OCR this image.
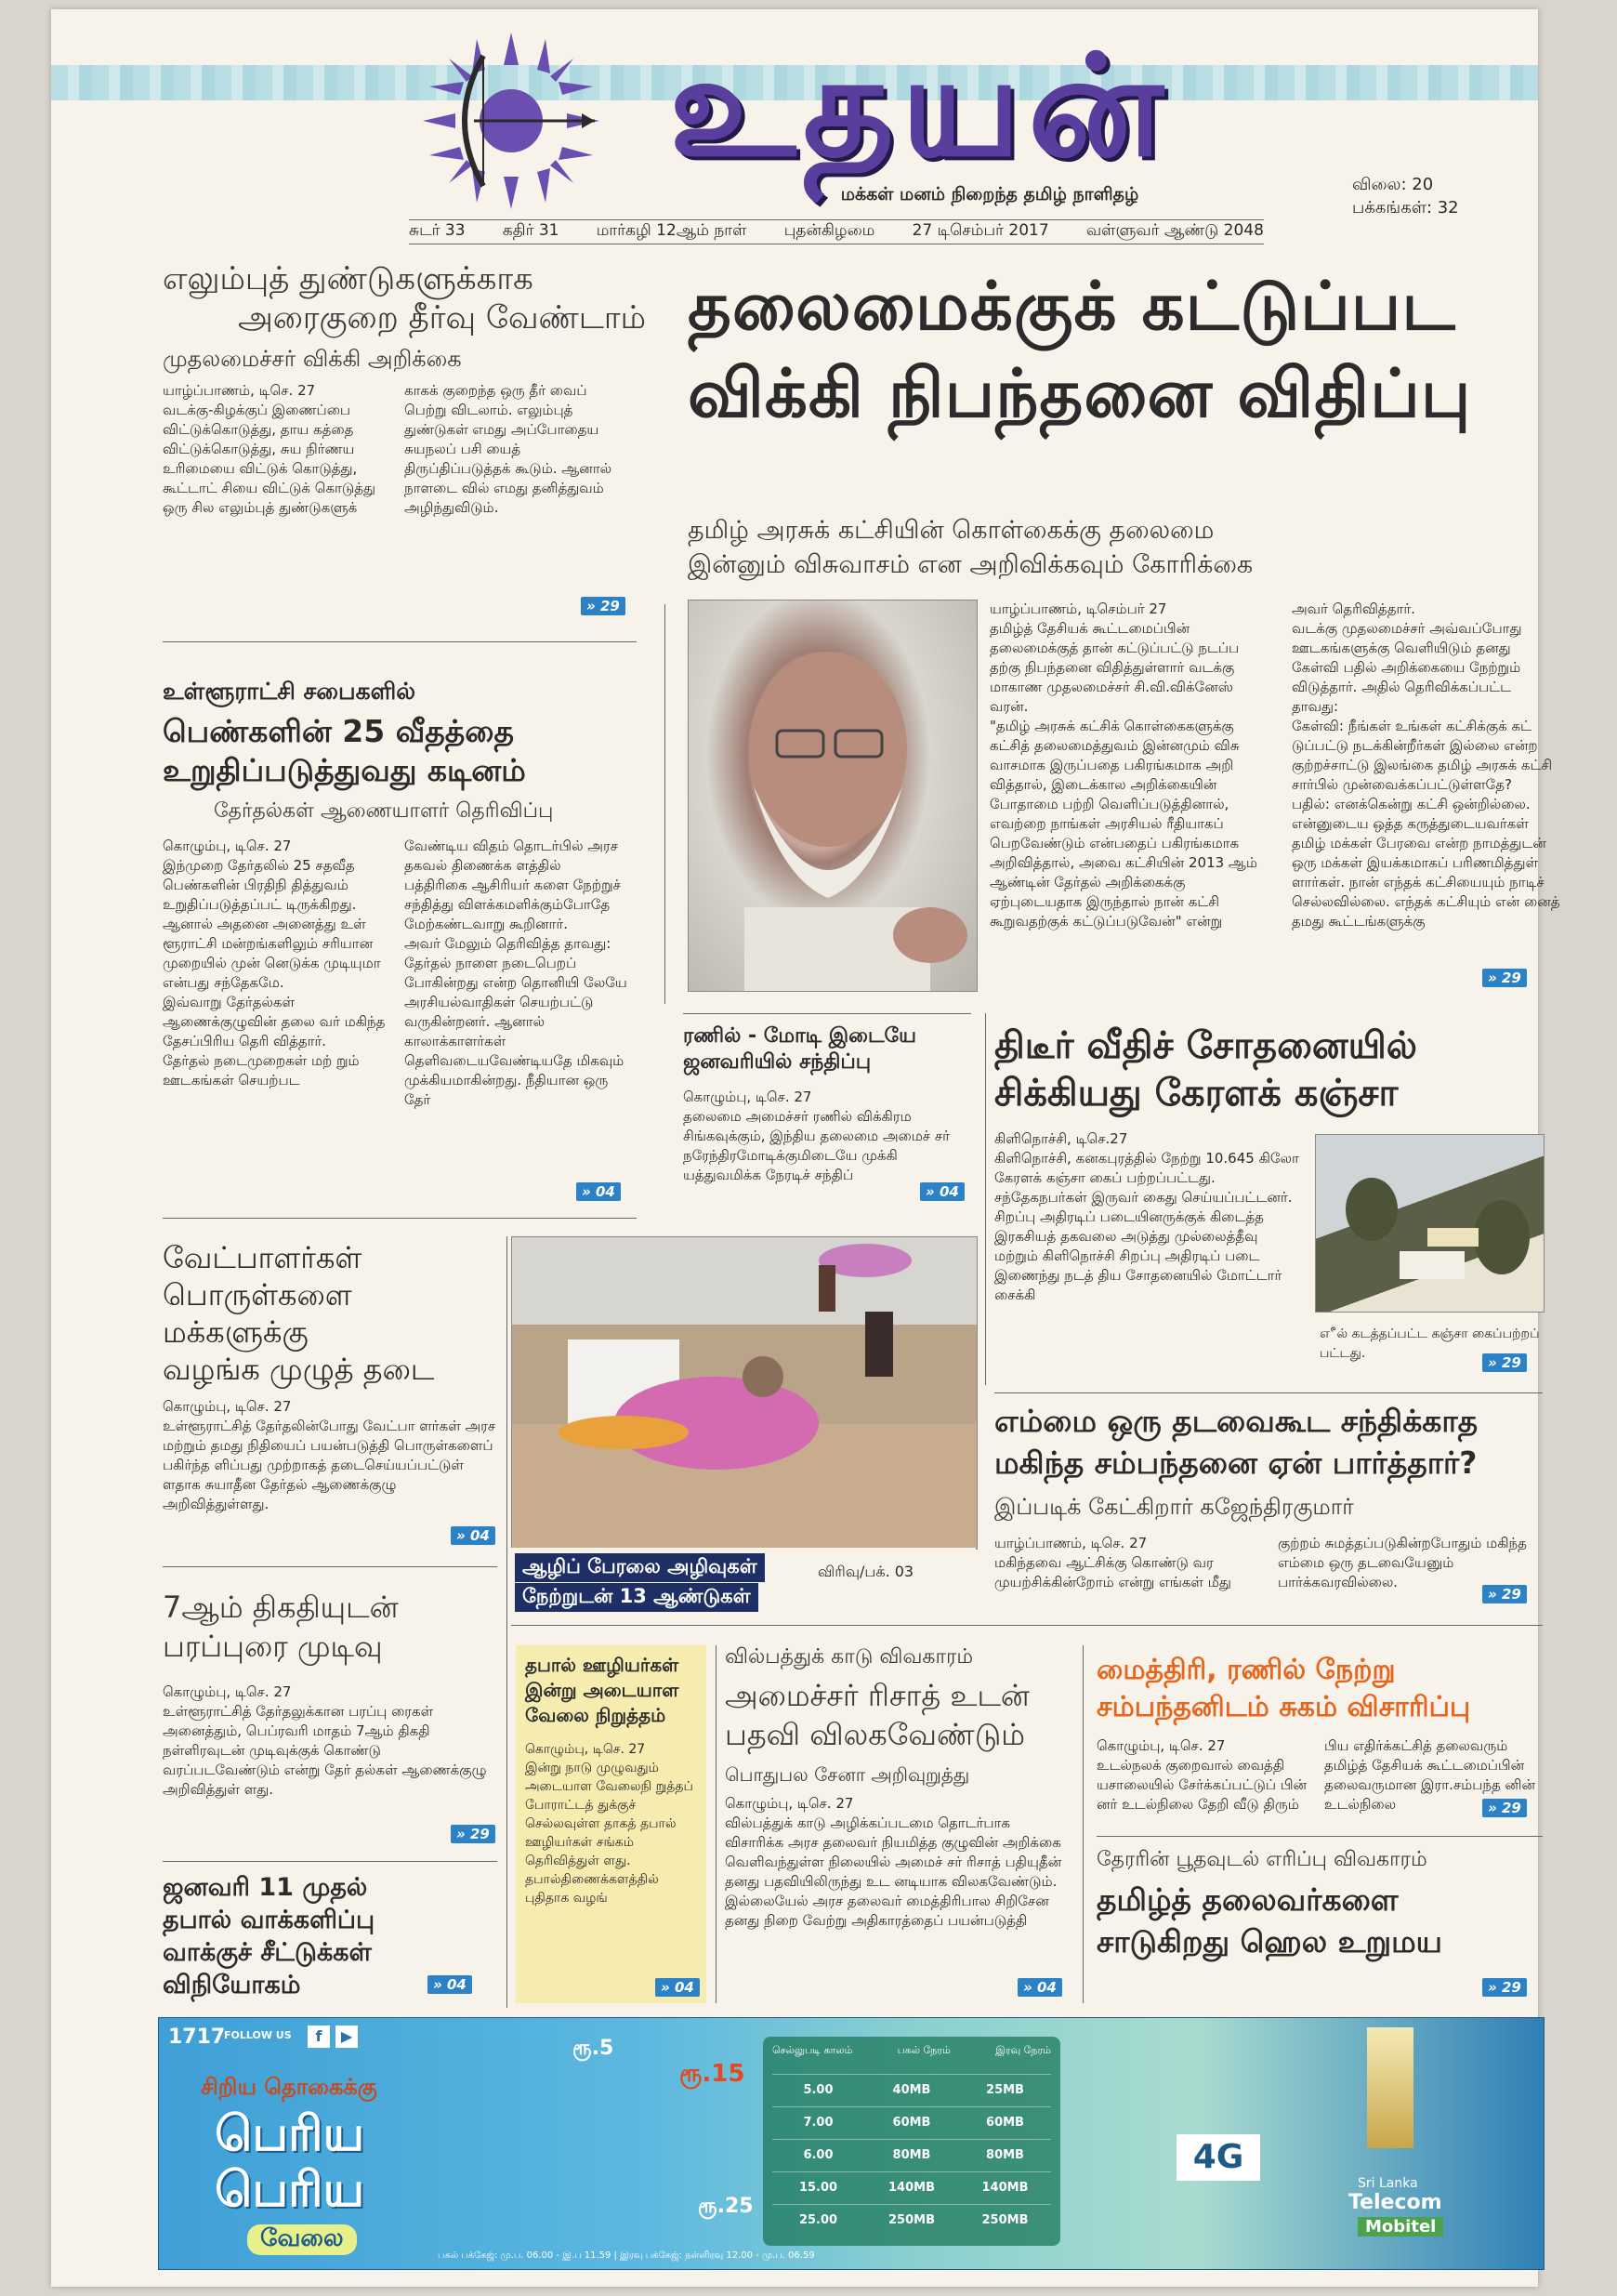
உதயன்
மக்கள் மனம் நிறைந்த தமிழ் நாளிதழ்	விலை: 20
பக்கங்கள்: 32
சுடர் 33 கதிர் 31 மார்கழி 12ஆம் நாள் புதன்கிழமை 27 டிசெம்பர் 2017 வள்ளுவர் ஆண்டு 2048
எலும்புத் துண்டுகளுக்காக
அரைகுறை தீர்வு வேண்டாம்
முதலமைச்சர் விக்கி அறிக்கை
யாழ்ப்பாணம், டிசெ. 27
வடக்கு-கிழக்குப் இணைப்பை விட்டுக்கொடுத்து, தாய கத்தை விட்டுக்கொடுத்து, சுய நிர்ணய உரிமையை விட்டுக் கொடுத்து, கூட்டாட் சியை விட்டுக் கொடுத்து ஒரு சில எலும்புத் துண்டுகளுக்
காகக் குறைந்த ஒரு தீர் வைப் பெற்று விடலாம். எலும்புத் துண்டுகள் எமது அப்போதைய சுயநலப் பசி யைத் திருப்திப்படுத்தக் கூடும். ஆனால் நாளடை வில் எமது தனித்துவம் அழிந்துவிடும்.
» 29
தலைமைக்குக் கட்டுப்பட
விக்கி நிபந்தனை விதிப்பு
தமிழ் அரசுக் கட்சியின் கொள்கைக்கு தலைமை
இன்னும் விசுவாசம் என அறிவிக்கவும் கோரிக்கை
யாழ்ப்பாணம், டிசெம்பர் 27
தமிழ்த் தேசியக் கூட்டமைப்பின் தலைமைக்குத் தான் கட்டுப்பட்டு நடப்ப தற்கு நிபந்தனை விதித்துள்ளார் வடக்கு மாகாண முதலமைச்சர் சி.வி.விக்னேஸ் வரன்.
"தமிழ் அரசுக் கட்சிக் கொள்கைகளுக்கு கட்சித் தலைமைத்துவம் இன்னமும் விசு வாசமாக இருப்பதை பகிரங்கமாக அறி வித்தால், இடைக்கால அறிக்கையின் போதாமை பற்றி வெளிப்படுத்தினால், எவற்றை நாங்கள் அரசியல் ரீதியாகப் பெறவேண்டும் என்பதைப் பகிரங்கமாக அறிவித்தால், அவை கட்சியின் 2013 ஆம் ஆண்டின் தேர்தல் அறிக்கைக்கு ஏற்புடையதாக இருந்தால் நான் கட்சி கூறுவதற்குக் கட்டுப்படுவேன்" என்று
அவர் தெரிவித்தார்.
வடக்கு முதலமைச்சர் அவ்வப்போது ஊடகங்களுக்கு வெளியிடும் தனது கேள்வி பதில் அறிக்கையை நேற்றும் விடுத்தார். அதில் தெரிவிக்கப்பட்ட தாவது:
கேள்வி: நீங்கள் உங்கள் கட்சிக்குக் கட் டுப்பட்டு நடக்கின்றீர்கள் இல்லை என்ற குற்றச்சாட்டு இலங்கை தமிழ் அரசுக் கட்சி சார்பில் முன்வைக்கப்பட்டுள்ளதே?
பதில்: எனக்கென்று கட்சி ஒன்றில்லை. என்னுடைய ஒத்த கருத்துடையவர்கள் தமிழ் மக்கள் பேரவை என்ற நாமத்துடன் ஒரு மக்கள் இயக்கமாகப் பரிணமித்துள் ளார்கள். நான் எந்தக் கட்சியையும் நாடிச் செல்லவில்லை. எந்தக் கட்சியும் என் னைத் தமது கூட்டங்களுக்கு
» 29
உள்ளூராட்சி சபைகளில்
பெண்களின் 25 வீதத்தை
உறுதிப்படுத்துவது கடினம்
தேர்தல்கள் ஆணையாளர் தெரிவிப்பு
கொழும்பு, டிசெ. 27
இந்முறை தேர்தலில் 25 சதவீத பெண்களின் பிரதிநி தித்துவம் உறுதிப்படுத்தப்பட் டிருக்கிறது. ஆனால் அதனை அனைத்து உள் ளூராட்சி மன்றங்களிலும் சரியான முறையில் முன் னெடுக்க முடியுமா என்பது சந்தேகமே.
இவ்வாறு தேர்தல்கள் ஆணைக்குழுவின் தலை வர் மகிந்த தேசப்பிரிய தெரி வித்தார்.
தேர்தல் நடைமுறைகள் மற் றும் ஊடகங்கள் செயற்பட
வேண்டிய விதம் தொடர்பில் அரச தகவல் திணைக்க ளத்தில் பத்திரிகை ஆசிரியர் களை நேற்றுச் சந்தித்து விளக்கமளிக்கும்போதே மேற்கண்டவாறு கூறினார்.
அவர் மேலும் தெரிவித்த தாவது:
தேர்தல் நாளை நடைபெறப் போகின்றது என்ற தொனியி லேயே அரசியல்வாதிகள் செயற்பட்டு வருகின்றனர். ஆனால் காலாக்காளர்கள் தெளிவடையவேண்டியதே மிகவும் முக்கியமாகின்றது. நீதியான ஒரு தேர்
» 04
ரணில் - மோடி இடையே
ஜனவரியில் சந்திப்பு
கொழும்பு, டிசெ. 27
தலைமை அமைச்சர் ரணில் விக்கிரம சிங்கவுக்கும், இந்திய தலைமை அமைச் சர் நரேந்திரமோடிக்குமிடையே முக்கி யத்துவமிக்க நேரடிச் சந்திப்
» 04
திடீர் வீதிச் சோதனையில்
சிக்கியது கேரளக் கஞ்சா
கிளிநொச்சி, டிசெ.27
கிளிநொச்சி, கனகபுரத்தில் நேற்று 10.645 கிலோ கேரளக் கஞ்சா கைப் பற்றப்பட்டது. சந்தேகநபர்கள் இருவர் கைது செய்யப்பட்டனர்.
சிறப்பு அதிரடிப் படையினருக்குக் கிடைத்த இரகசியத் தகவலை அடுத்து முல்லைத்தீவு மற்றும் கிளிநொச்சி சிறப்பு அதிரடிப் படை இணைந்து நடத் திய சோதனையில் மோட்டார் சைக்கி
எீல் கடத்தப்பட்ட கஞ்சா கைப்பற்றப் பட்டது.
» 29
வேட்பாளர்கள்
பொருள்களை
மக்களுக்கு
வழங்க முழுத் தடை
கொழும்பு, டிசெ. 27
உள்ளூராட்சித் தேர்தலின்போது வேட்பா ளர்கள் அரச மற்றும் தமது நிதியைப் பயன்படுத்தி பொருள்களைப் பகிர்ந்த ளிப்பது முற்றாகத் தடைசெய்யப்பட்டுள் ளதாக சுயாதீன தேர்தல் ஆணைக்குழு அறிவித்துள்ளது.
» 04
ஆழிப் பேரலை அழிவுகள்
நேற்றுடன் 13 ஆண்டுகள்
விரிவு/பக். 03
எம்மை ஒரு தடவைகூட சந்திக்காத
மகிந்த சம்பந்தனை ஏன் பார்த்தார்?
இப்படிக் கேட்கிறார் கஜேந்திரகுமார்
யாழ்ப்பாணம், டிசெ. 27
மகிந்தவை ஆட்சிக்கு கொண்டு வர முயற்சிக்கின்றோம் என்று எங்கள் மீது
குற்றம் சுமத்தப்படுகின்றபோதும் மகிந்த எம்மை ஒரு தடவையேனும் பார்க்கவரவில்லை.
» 29
7ஆம் திகதியுடன்
பரப்புரை முடிவு
கொழும்பு, டிசெ. 27
உள்ளூராட்சித் தேர்தலுக்கான பரப்பு ரைகள் அனைத்தும், பெப்ரவரி மாதம் 7ஆம் திகதி நள்ளிரவுடன் முடிவுக்குக் கொண்டு வரப்படவேண்டும் என்று தேர் தல்கள் ஆணைக்குழு அறிவித்துள் ளது.
» 29
ஜனவரி 11 முதல்
தபால் வாக்களிப்பு
வாக்குச் சீட்டுக்கள்
விநியோகம்	» 04
தபால் ஊழியர்கள்
இன்று அடையாள
வேலை நிறுத்தம்
கொழும்பு, டிசெ. 27
இன்று நாடு முழுவதும் அடையாள வேலைநி றுத்தப் போராட்டத் துக்குச் செல்லவுள்ள தாகத் தபால் ஊழியர்கள் சங்கம் தெரிவித்துள் ளது.
தபால்திணைக்களத்தில் புதிதாக வழங்
» 04
வில்பத்துக் காடு விவகாரம்
அமைச்சர் ரிசாத் உடன்
பதவி விலகவேண்டும்
பொதுபல சேனா அறிவுறுத்து
கொழும்பு, டிசெ. 27
வில்பத்துக் காடு அழிக்கப்படமை தொடர்பாக விசாரிக்க அரச தலைவர் நியமித்த குழுவின் அறிக்கை வெளிவந்துள்ள நிலையில் அமைச் சர் ரிசாத் பதியுதீன் தனது பதவியிலிருந்து உட னடியாக விலகவேண்டும். இல்லையேல் அரச தலைவர் மைத்திரிபால சிறிசேன தனது நிறை வேற்று அதிகாரத்தைப் பயன்படுத்தி
» 04
மைத்திரி, ரணில் நேற்று
சம்பந்தனிடம் சுகம் விசாரிப்பு
கொழும்பு, டிசெ. 27
உடல்நலக் குறைவால் வைத்தி யசாலையில் சேர்க்கப்பட்டுப் பின் னர் உடல்நிலை தேறி வீடு திரும்
பிய எதிர்க்கட்சித் தலைவரும் தமிழ்த் தேசியக் கூட்டமைப்பின் தலைவருமான இரா.சம்பந்த னின் உடல்நிலை	» 29
தேரரின் பூதவுடல் எரிப்பு விவகாரம்
தமிழ்த் தலைவர்களை
சாடுகிறது ஹெல உறுமய
» 29
1717
FOLLOW US	f	▶
சிறிய தொகைக்கு
பெரிய
பெரிய
வேலை
ரூ.5
ரூ.15
ரூ.25
செல்லுபடி காலம்	பகல் நேரம்	இரவு நேரம்
5.00	40MB	25MB
7.00	60MB	60MB
6.00	80MB	80MB
15.00	140MB	140MB
25.00	250MB	250MB
4G
Sri Lanka
Telecom
Mobitel
பகல் பக்கேஜ்: மு.ப. 06.00 - இ.ப 11.59 | இரவு பக்கேஜ்: நள்ளிரவு 12.00 - மு.ப. 06.59
